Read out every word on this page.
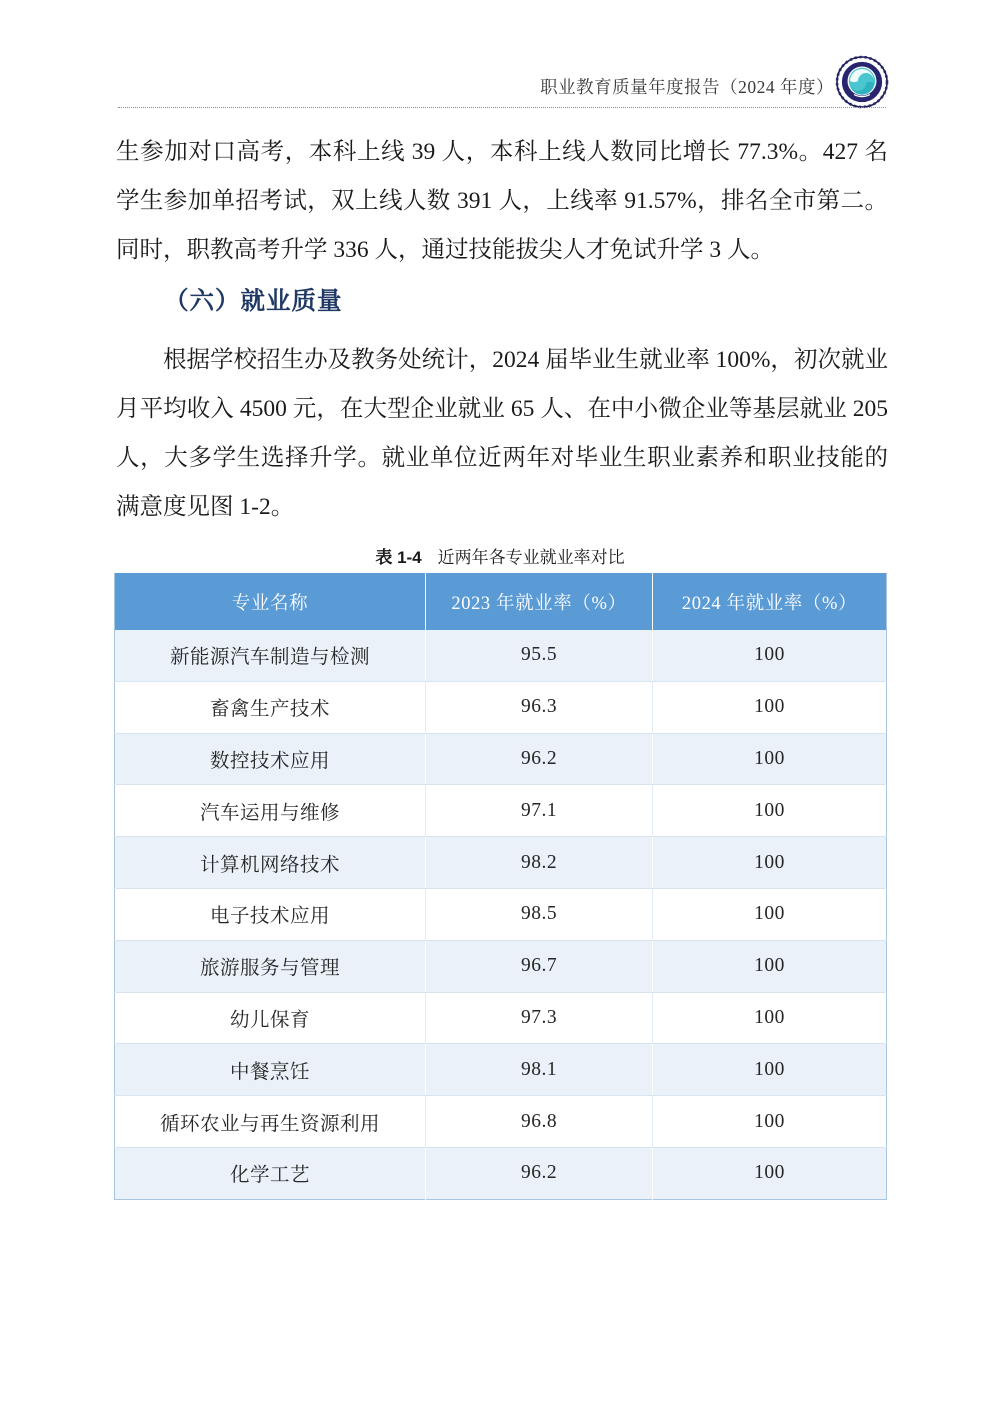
职业教育质量年度报告（2024 年度）
生参加对口高考，本科上线 39 人，本科上线人数同比增长 77.3%。427 名学生参加单招考试，双上线人数 391 人，上线率 91.57%，排名全市第二。同时，职教高考升学 336 人，通过技能拔尖人才免试升学 3 人。
（六）就业质量
根据学校招生办及教务处统计，2024 届毕业生就业率 100%，初次就业月平均收入 4500 元，在大型企业就业 65 人、在中小微企业等基层就业 205 人，大多学生选择升学。就业单位近两年对毕业生职业素养和职业技能的满意度见图 1-2。
表 1-4 近两年各专业就业率对比
专业名称	2023 年就业率（%）	2024 年就业率（%）
新能源汽车制造与检测	95.5	100
畜禽生产技术	96.3	100
数控技术应用	96.2	100
汽车运用与维修	97.1	100
计算机网络技术	98.2	100
电子技术应用	98.5	100
旅游服务与管理	96.7	100
幼儿保育	97.3	100
中餐烹饪	98.1	100
循环农业与再生资源利用	96.8	100
化学工艺	96.2	100
